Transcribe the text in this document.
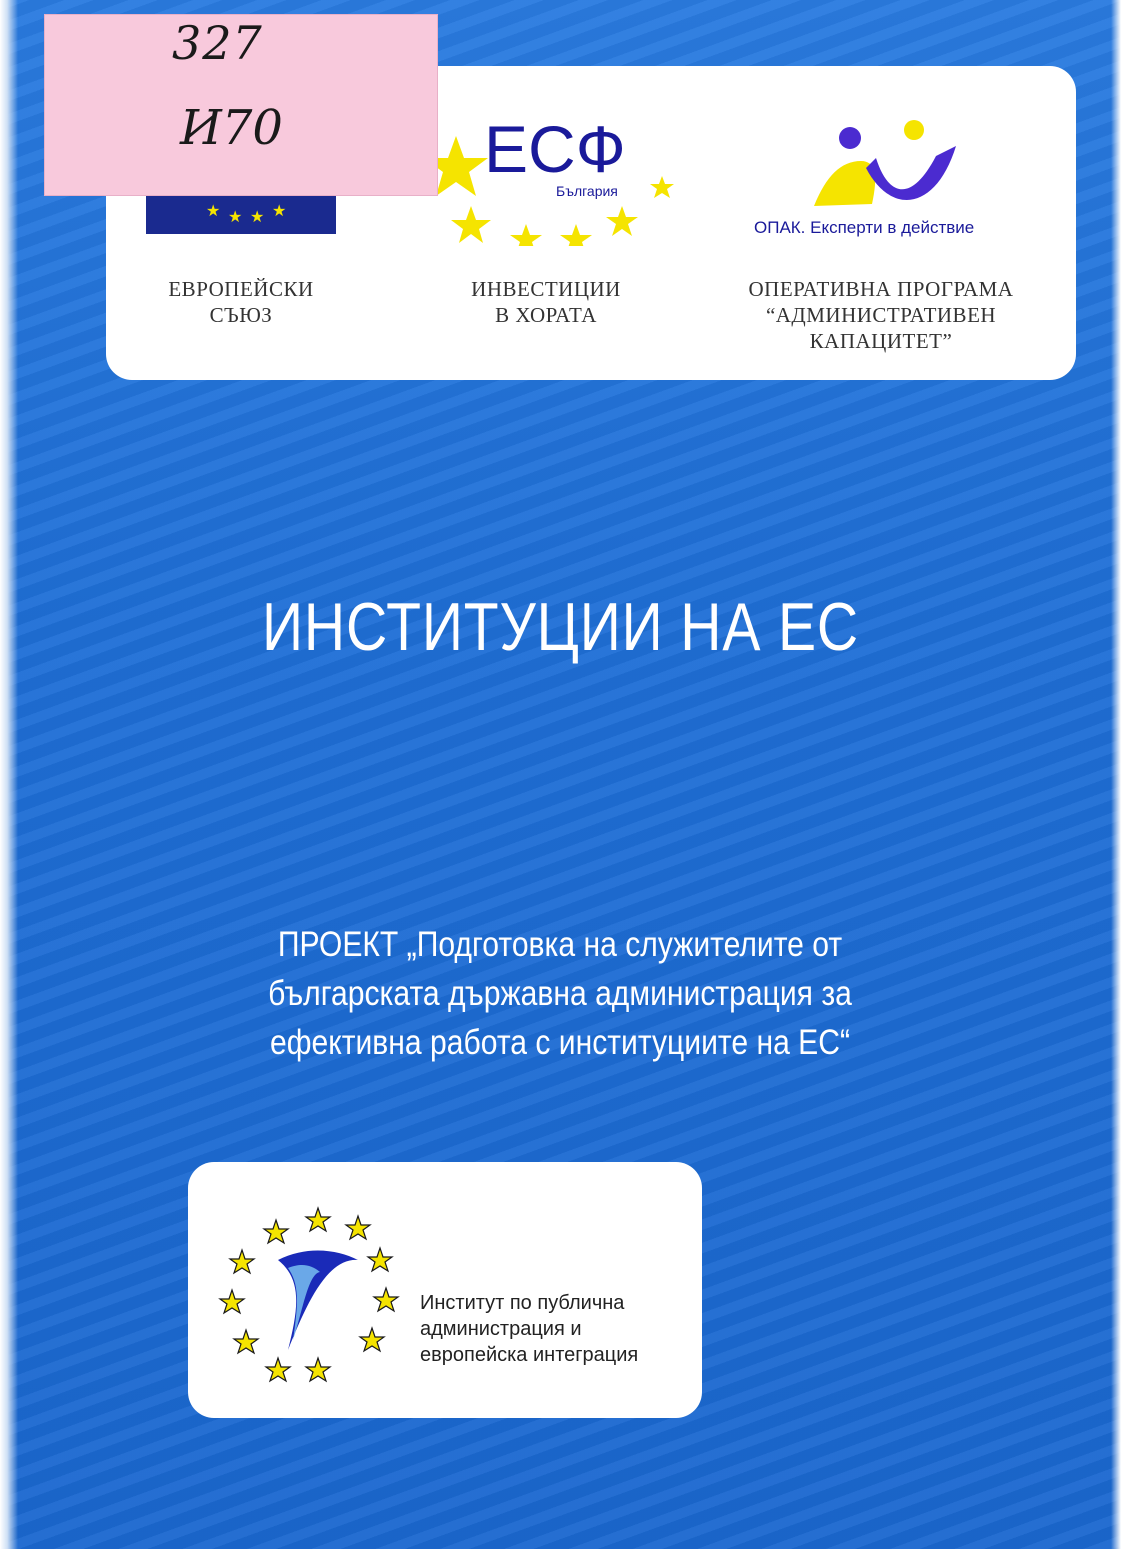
★ ★ ★ ★
ЕВРОПЕЙСКИ
СЪЮЗ
ЕСФ
България
ИНВЕСТИЦИИ
В ХОРАТА
ОПАК. Експерти в действие
ОПЕРАТИВНА ПРОГРАМА
“АДМИНИСТРАТИВЕН
КАПАЦИТЕТ”
327
И70
ИНСТИТУЦИИ НА ЕС
ПРОЕКТ „Подготовка на служителите от
българската държавна администрация за
ефективна работа с институциите на ЕС“
Институт по публична
администрация и
европейска интеграция
